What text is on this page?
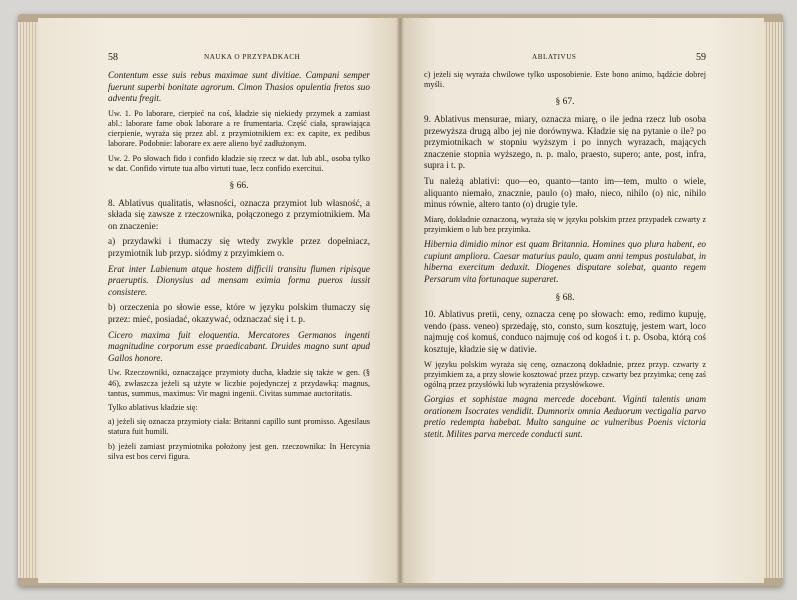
58	NAUKA O PRZYPADKACH

Contentum esse suis rebus maximae sunt divitiae. Campani semper fuerunt superbi bonitate agrorum. Cimon Thasios opulentia fretos suo adventu fregit.

Uw. 1. Po laborare, cierpieć na coś, kładzie się niekiedy przymek a zamiast abl.: laborare fame obok laborare a re frumentaria. Część ciała, sprawiająca cierpienie, wyraża się przez abl. z przymiotnikiem ex: ex capite, ex pedibus laborare. Podobnie: laborare ex aere alieno być zadłużonym.

Uw. 2. Po słowach fido i confido kładzie się rzecz w dat. lub abl., osoba tylko w dat. Confido virtute tua albo virtuti tuae, lecz confido exercitui.

§ 66.

8. Ablativus qualitatis, własności, oznacza przymiot lub własność, a składa się zawsze z rzeczownika, połączonego z przymiotnikiem. Ma on znaczenie:

a) przydawki i tłumaczy się wtedy zwykle przez dopełniacz, przymiotnik lub przyp. siódmy z przyimkiem o.

Erat inter Labienum atque hostem difficili transitu flumen ripisque praeruptis. Dionysius ad mensam eximia forma pueros iussit consistere.

b) orzeczenia po słowie esse, które w języku polskim tłumaczy się przez: mieć, posiadać, okazywać, odznaczać się i t. p.

Cicero maxima fuit eloquentia. Mercatores Germanos ingenti magnitudine corporum esse praedicabant. Druides magno sunt apud Gallos honore.

Uw. Rzeczowniki, oznaczające przymioty ducha, kładzie się także w gen. (§ 46), zwłaszcza jeżeli są użyte w liczbie pojedynczej z przydawką: magnus, tantus, summus, maximus: Vir magni ingenii. Civitas summae auctoritatis.

Tylko ablativus kładzie się:

a) jeżeli się oznacza przymioty ciała: Britanni capillo sunt promisso. Agesilaus statura fuit humili.

b) jeżeli zamiast przymiotnika położony jest gen. rzeczownika: In Hercynia silva est bos cervi figura.

ABLATIVUS	59

c) jeżeli się wyraża chwilowe tylko usposobienie. Este bono animo, bądźcie dobrej myśli.

§ 67.

9. Ablativus mensurae, miary, oznacza miarę, o ile jedna rzecz lub osoba przewyższa drugą albo jej nie dorównywa. Kładzie się na pytanie o ile? po przymiotnikach w stopniu wyższym i po innych wyrazach, mających znaczenie stopnia wyższego, n. p. malo, praesto, supero; ante, post, infra, supra i t. p.

Tu należą ablativi: quo—eo, quanto—tanto im—tem, multo o wiele, aliquanto niemało, znacznie, paulo (o) mało, nieco, nihilo (o) nic, nihilo minus równie, altero tanto (o) drugie tyle.

Miarę, dokładnie oznaczoną, wyraża się w języku polskim przez przypadek czwarty z przyimkiem o lub bez przyimka.

Hibernia dimidio minor est quam Britannia. Homines quo plura habent, eo cupiunt ampliora. Caesar maturius paulo, quam anni tempus postulabat, in hiberna exercitum deduxit. Diogenes disputare solebat, quanto regem Persarum vita fortunaque superaret.

§ 68.

10. Ablativus pretii, ceny, oznacza cenę po słowach: emo, redimo kupuję, vendo (pass. veneo) sprzedaję, sto, consto, sum kosztuję, jestem wart, loco najmuję coś komuś, conduco najmuję coś od kogoś i t. p. Osoba, którą coś kosztuje, kładzie się w dativie.

W języku polskim wyraża się cenę, oznaczoną dokładnie, przez przyp. czwarty z przyimkiem za, a przy słowie kosztować przez przyp. czwarty bez przyimka; cenę zaś ogólną przez przysłówki lub wyrażenia przysłówkowe.

Gorgias et sophistae magna mercede docebant. Viginti talentis unam orationem Isocrates vendidit. Dumnorix omnia Aeduorum vectigalia parvo pretio redempta habebat. Multo sanguine ac vulneribus Poenis victoria stetit. Milites parva mercede conducti sunt.
